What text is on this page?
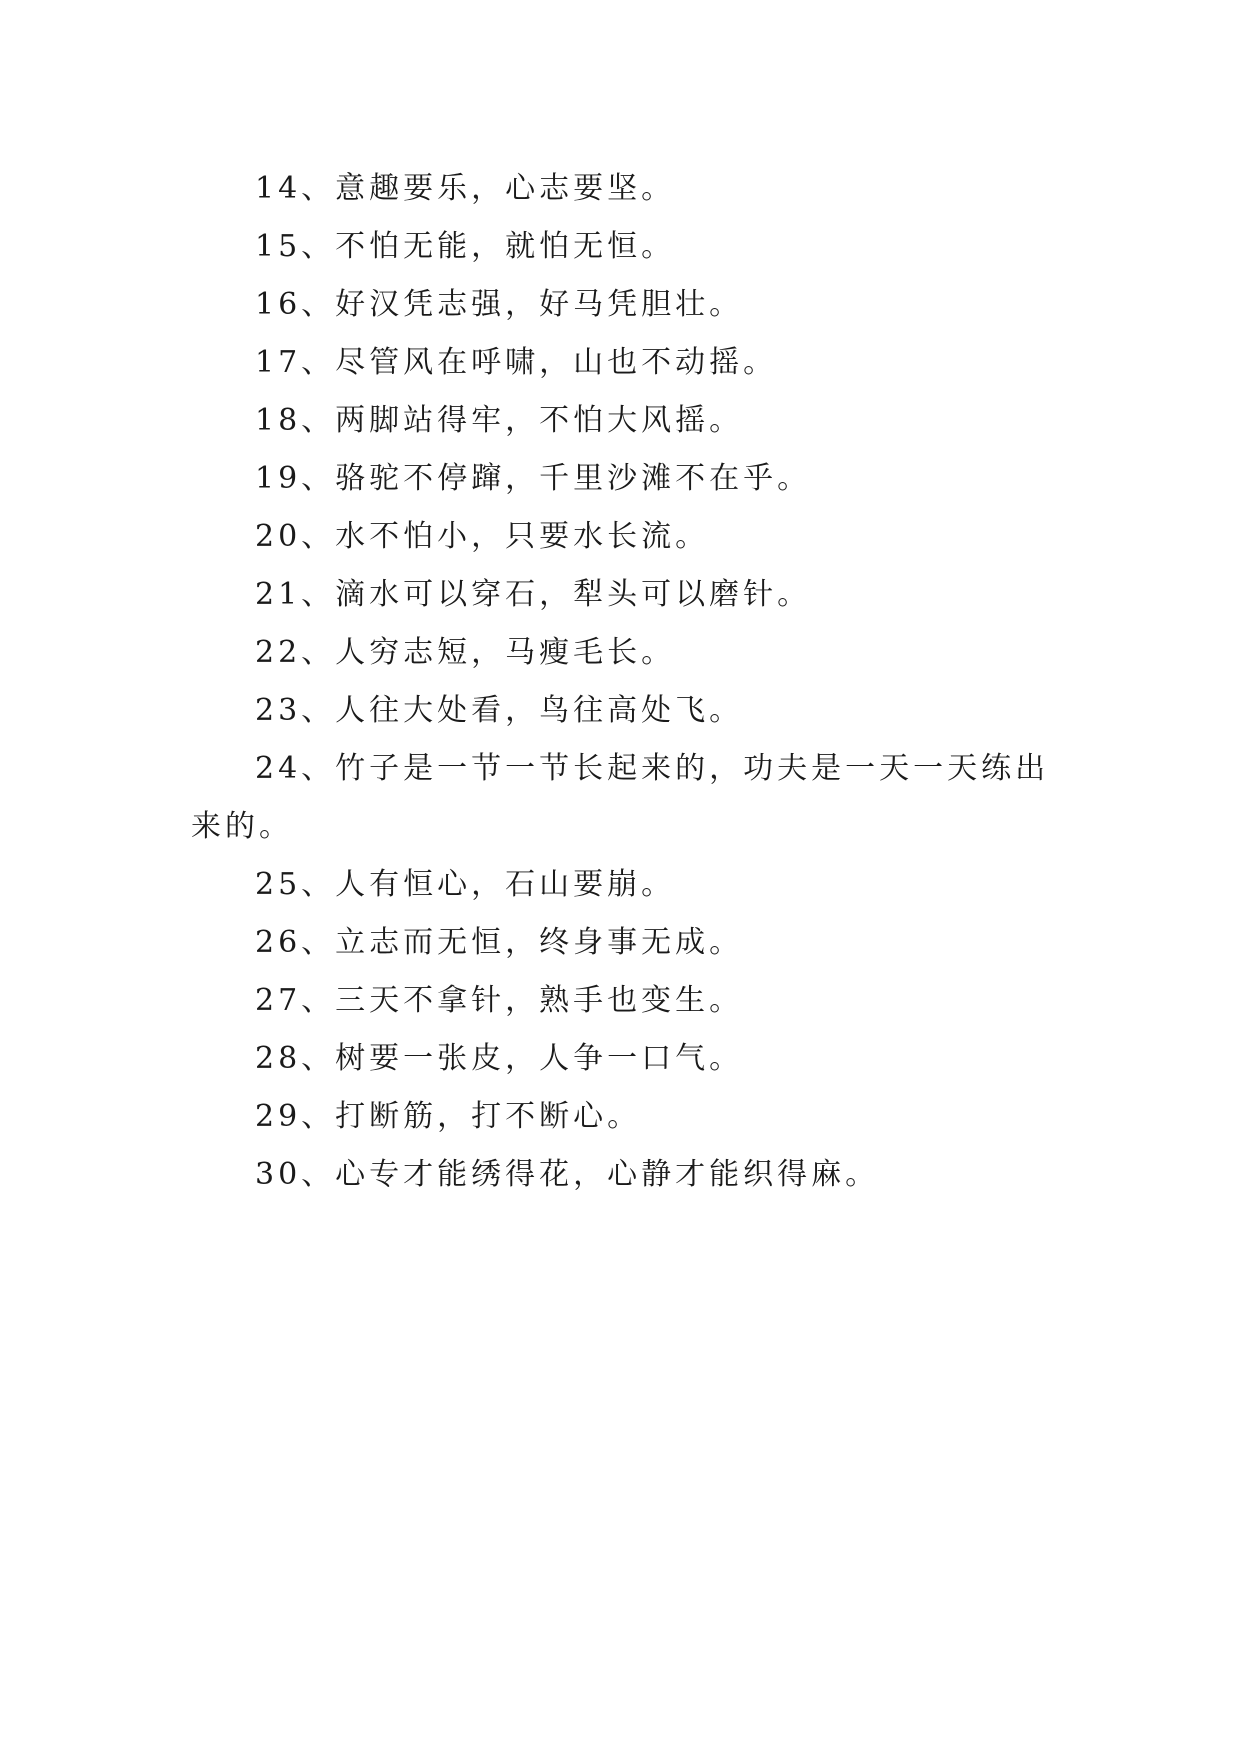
14、意趣要乐，心志要坚。

15、不怕无能，就怕无恒。

16、好汉凭志强，好马凭胆壮。

17、尽管风在呼啸，山也不动摇。

18、两脚站得牢，不怕大风摇。

19、骆驼不停蹿，千里沙滩不在乎。

20、水不怕小，只要水长流。

21、滴水可以穿石，犁头可以磨针。

22、人穷志短，马瘦毛长。

23、人往大处看，鸟往高处飞。

24、竹子是一节一节长起来的，功夫是一天一天练出来的。

25、人有恒心，石山要崩。

26、立志而无恒，终身事无成。

27、三天不拿针，熟手也变生。

28、树要一张皮，人争一口气。

29、打断筋，打不断心。

30、心专才能绣得花，心静才能织得麻。
